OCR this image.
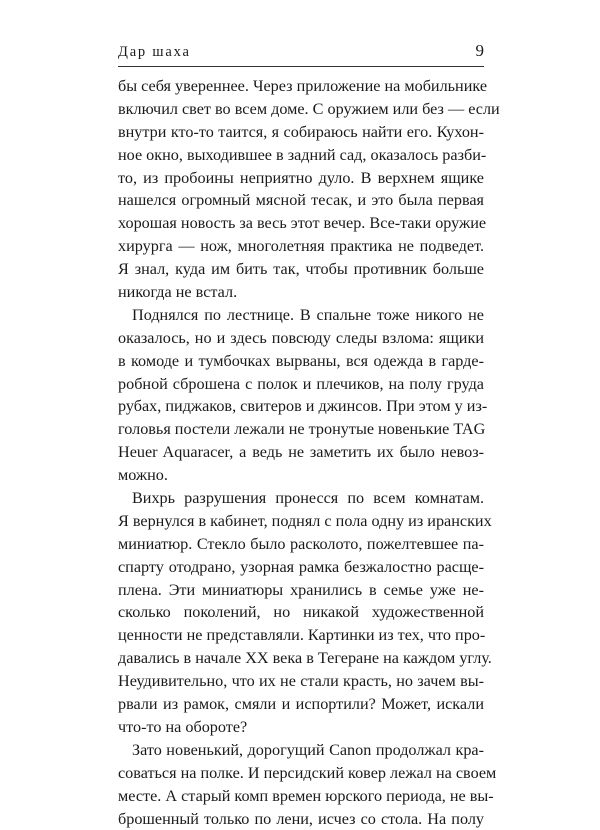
Дар шаха	9
бы себя увереннее. Через приложение на мобильнике
включил свет во всем доме. С оружием или без — если
внутри кто-то таится, я собираюсь найти его. Кухон-
ное окно, выходившее в задний сад, оказалось разби-
то, из пробоины неприятно дуло. В верхнем ящике
нашелся огромный мясной тесак, и это была первая
хорошая новость за весь этот вечер. Все-таки оружие
хирурга — нож, многолетняя практика не подведет.
Я знал, куда им бить так, чтобы противник больше
никогда не встал.
Поднялся по лестнице. В спальне тоже никого не
оказалось, но и здесь повсюду следы взлома: ящики
в комоде и тумбочках вырваны, вся одежда в гарде-
робной сброшена с полок и плечиков, на полу груда
рубах, пиджаков, свитеров и джинсов. При этом у из-
головья постели лежали не тронутые новенькие TAG
Heuer Aquaracer, а ведь не заметить их было невоз-
можно.
Вихрь разрушения пронесся по всем комнатам.
Я вернулся в кабинет, поднял с пола одну из иранских
миниатюр. Стекло было расколото, пожелтевшее па-
спарту отодрано, узорная рамка безжалостно расще-
плена. Эти миниатюры хранились в семье уже не-
сколько поколений, но никакой художественной
ценности не представляли. Картинки из тех, что про-
давались в начале XX века в Тегеране на каждом углу.
Неудивительно, что их не стали красть, но зачем вы-
рвали из рамок, смяли и испортили? Может, искали
что-то на обороте?
Зато новенький, дорогущий Canon продолжал кра-
соваться на полке. И персидский ковер лежал на своем
месте. А старый комп времен юрского периода, не вы-
брошенный только по лени, исчез со стола. На полу
